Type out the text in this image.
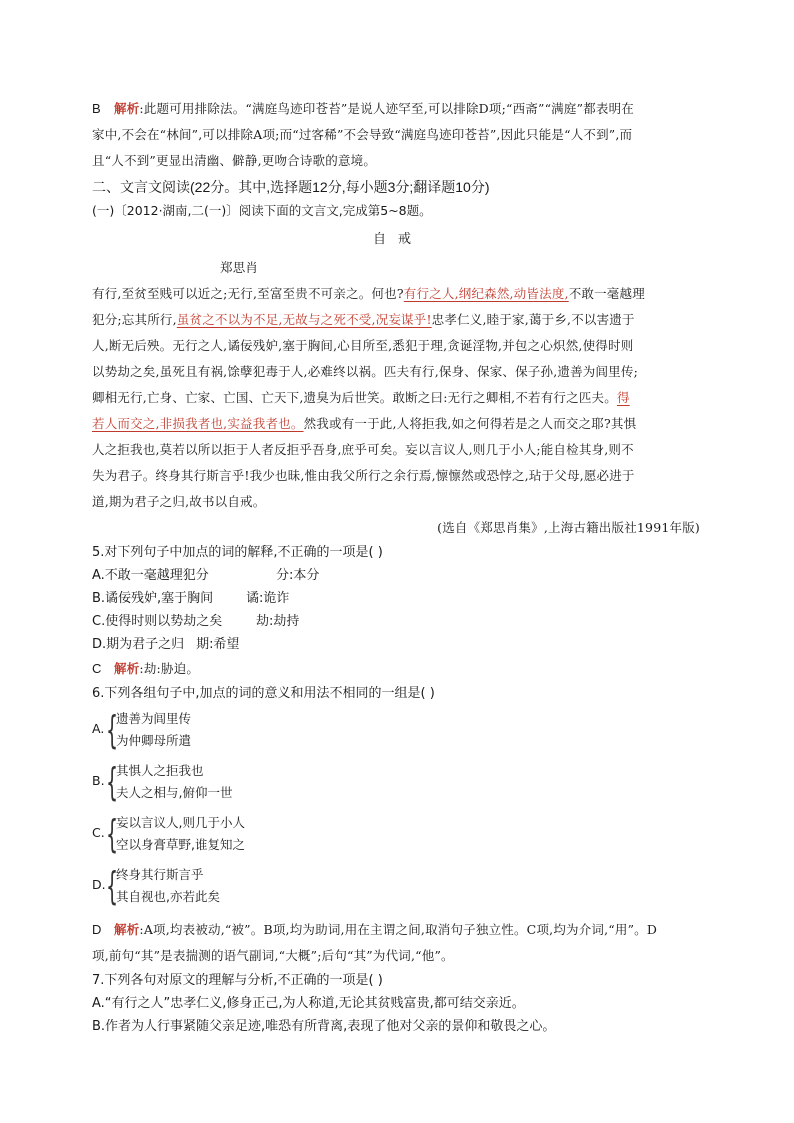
B 解析:此题可用排除法。“满庭鸟迹印苍苔”是说人迹罕至,可以排除D项;“西斋”“满庭”都表明在
家中,不会在“林间”,可以排除A项;而“过客稀”不会导致“满庭鸟迹印苍苔”,因此只能是“人不到”,而
且“人不到”更显出清幽、僻静,更吻合诗歌的意境。
二、文言文阅读(22分。其中,选择题12分,每小题3分;翻译题10分)
(一)〔2012·湖南,二(一)〕阅读下面的文言文,完成第5~8题。
自戒
郑思肖
有行,至贫至贱可以近之;无行,至富至贵不可亲之。何也?有行之人,纲纪森然,动皆法度,不敢一毫越理
犯分;忘其所行,虽贫之不以为不足,无故与之死不受,况妄谋乎!忠孝仁义,睦于家,蔼于乡,不以害遗于
人,断无后殃。无行之人,谲佞残妒,塞于胸间,心目所至,悉犯于理,贪诞淫物,并包之心炽然,使得时则
以势劫之矣,虽死且有祸,馀孽犯毒于人,必难终以祸。匹夫有行,保身、保家、保子孙,遗善为闾里传;
卿相无行,亡身、亡家、亡国、亡天下,遗臭为后世笑。敢断之曰:无行之卿相,不若有行之匹夫。得
若人而交之,非损我者也,实益我者也。然我或有一于此,人将拒我,如之何得若是之人而交之耶?其惧
人之拒我也,莫若以所以拒于人者反拒乎吾身,庶乎可矣。妄以言议人,则几于小人;能自检其身,则不
失为君子。终身其行斯言乎!我少也昧,惟由我父所行之余行焉,懔懔然或恐悖之,玷于父母,愿必进于
道,期为君子之归,故书以自戒。
(选自《郑思肖集》,上海古籍出版社1991年版)
5.对下列句子中加点的词的解释,不正确的一项是( )
A.不敢一毫越理犯分	分:本分
B.谲佞残妒,塞于胸间	谲:诡诈
C.使得时则以势劫之矣	劫:劫持
D.期为君子之归 期:希望
C 解析:劫:胁迫。
6.下列各组句子中,加点的词的意义和用法不相同的一组是( )
A. {
遗善为闾里传
为仲卿母所遣
B. {
其惧人之拒我也
夫人之相与,俯仰一世
C. {
妄以言议人,则几于小人
空以身膏草野,谁复知之
D. {
终身其行斯言乎
其自视也,亦若此矣
D 解析:A项,均表被动,“被”。B项,均为助词,用在主谓之间,取消句子独立性。C项,均为介词,“用”。D
项,前句“其”是表揣测的语气副词,“大概”;后句“其”为代词,“他”。
7.下列各句对原文的理解与分析,不正确的一项是( )
A.“有行之人”忠孝仁义,修身正己,为人称道,无论其贫贱富贵,都可结交亲近。
B.作者为人行事紧随父亲足迹,唯恐有所背离,表现了他对父亲的景仰和敬畏之心。
